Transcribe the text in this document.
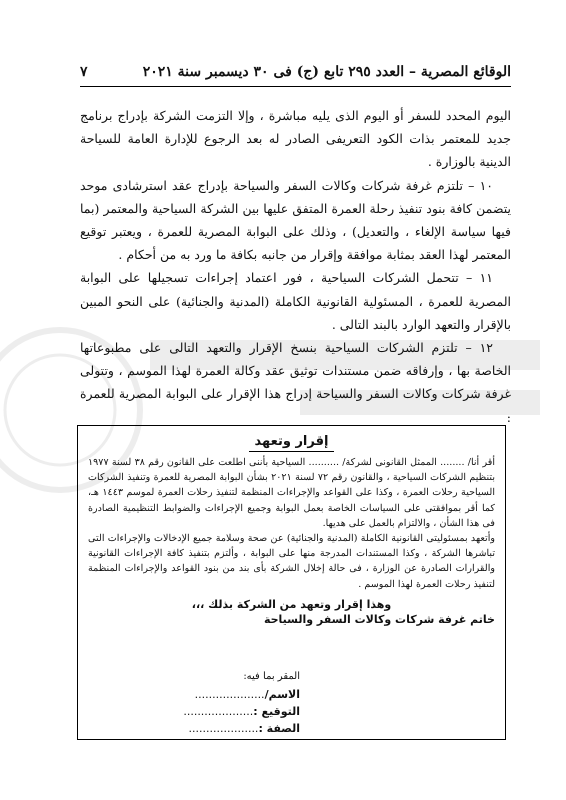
الوقائع المصرية – العدد ٢٩٥ تابع (ج) فى ٣٠ ديسمبر سنة ٢٠٢١
٧

اليوم المحدد للسفر أو اليوم الذى يليه مباشرة ، وإلا التزمت الشركة بإدراج برنامج جديد للمعتمر بذات الكود التعريفى الصادر له بعد الرجوع للإدارة العامة للسياحة الدينية بالوزارة .

١٠ – تلتزم غرفة شركات وكالات السفر والسياحة بإدراج عقد استرشادى موحد يتضمن كافة بنود تنفيذ رحلة العمرة المتفق عليها بين الشركة السياحية والمعتمر (بما فيها سياسة الإلغاء ، والتعديل) ، وذلك على البوابة المصرية للعمرة ، ويعتبر توقيع المعتمر لهذا العقد بمثابة موافقة وإقرار من جانبه بكافة ما ورد به من أحكام .

١١ – تتحمل الشركات السياحية ، فور اعتماد إجراءات تسجيلها على البوابة المصرية للعمرة ، المسئولية القانونية الكاملة (المدنية والجنائية) على النحو المبين بالإقرار والتعهد الوارد بالبند التالى .

١٢ – تلتزم الشركات السياحية بنسخ الإقرار والتعهد التالى على مطبوعاتها الخاصة بها ، وإرفاقه ضمن مستندات توثيق عقد وكالة العمرة لهذا الموسم ، وتتولى غرفة شركات وكالات السفر والسياحة إدراج هذا الإقرار على البوابة المصرية للعمرة :

إقرار وتعهد

أقر أنا/ ........ الممثل القانونى لشركة/ .......... السياحية بأننى اطلعت على القانون رقم ٣٨ لسنة ١٩٧٧ بتنظيم الشركات السياحية ، والقانون رقم ٧٢ لسنة ٢٠٢١ بشأن البوابة المصرية للعمرة وتنفيذ الشركات السياحية رحلات العمرة ، وكذا على القواعد والإجراءات المنظمة لتنفيذ رحلات العمرة لموسم ١٤٤٣ هـ، كما أقر بموافقتى على السياسات الخاصة بعمل البوابة وجميع الإجراءات والضوابط التنظيمية الصادرة فى هذا الشأن ، والالتزام بالعمل على هديها.

وأتعهد بمسئوليتى القانونية الكاملة (المدنية والجنائية) عن صحة وسلامة جميع الإدخالات والإجراءات التى تباشرها الشركة ، وكذا المستندات المدرجة منها على البوابة ، وألتزم بتنفيذ كافة الإجراءات القانونية والقرارات الصادرة عن الوزارة ، فى حالة إخلال الشركة بأى بند من بنود القواعد والإجراءات المنظمة لتنفيذ رحلات العمرة لهذا الموسم .

وهذا إقرار وتعهد من الشركة بذلك ،،،

خاتم غرفة شركات وكالات السفر والسياحة

المقر بما فيه:
الاسم/....................
التوقيع :....................
الصفة :....................
